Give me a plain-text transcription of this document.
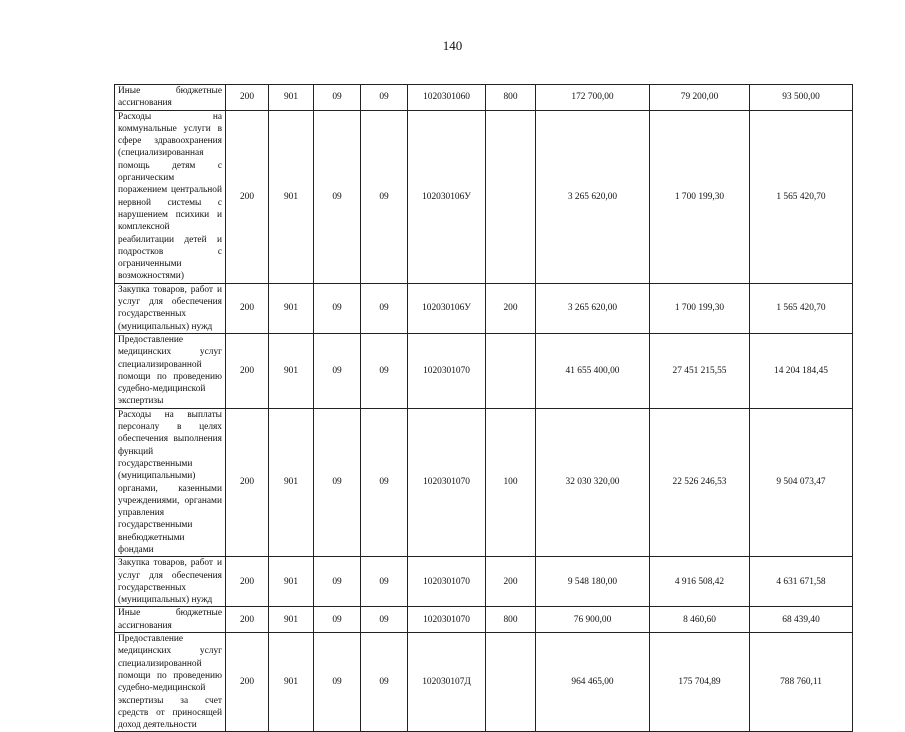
140
Иные бюджетные ассигнования	200	901	09	09	1020301060	800	172 700,00	79 200,00	93 500,00
Расходы на коммунальные услуги в сфере здравоохранения (специализированная помощь детям с органическим поражением центральной нервной системы с нарушением психики и комплексной реабилитации детей и подростков с ограниченными возможностями)	200	901	09	09	102030106У		3 265 620,00	1 700 199,30	1 565 420,70
Закупка товаров, работ и услуг для обеспечения государственных (муниципальных) нужд	200	901	09	09	102030106У	200	3 265 620,00	1 700 199,30	1 565 420,70
Предоставление медицинских услуг специализированной помощи по проведению судебно-медицинской экспертизы	200	901	09	09	1020301070		41 655 400,00	27 451 215,55	14 204 184,45
Расходы на выплаты персоналу в целях обеспечения выполнения функций государственными (муниципальными) органами, казенными учреждениями, органами управления государственными внебюджетными фондами	200	901	09	09	1020301070	100	32 030 320,00	22 526 246,53	9 504 073,47
Закупка товаров, работ и услуг для обеспечения государственных (муниципальных) нужд	200	901	09	09	1020301070	200	9 548 180,00	4 916 508,42	4 631 671,58
Иные бюджетные ассигнования	200	901	09	09	1020301070	800	76 900,00	8 460,60	68 439,40
Предоставление медицинских услуг специализированной помощи по проведению судебно-медицинской экспертизы за счет средств от приносящей доход деятельности	200	901	09	09	102030107Д		964 465,00	175 704,89	788 760,11
